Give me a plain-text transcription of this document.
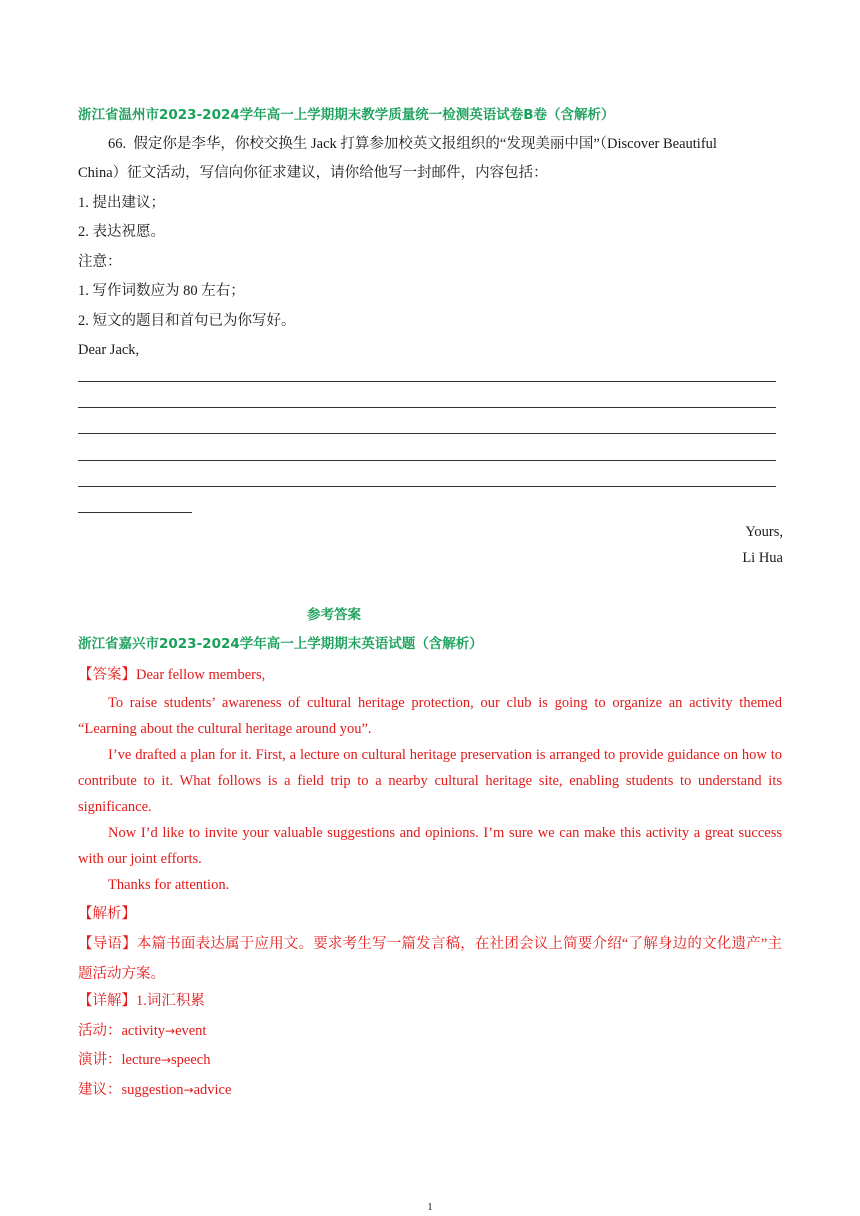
浙江省温州市2023-2024学年高一上学期期末教学质量统一检测英语试卷B卷（含解析）
66. 假定你是李华，你校交换生 Jack 打算参加校英文报组织的“发现美丽中国”（Discover Beautiful
China）征文活动，写信向你征求建议，请你给他写一封邮件，内容包括：
1. 提出建议；
2. 表达祝愿。
注意：
1. 写作词数应为 80 左右；
2. 短文的题目和首句已为你写好。
Dear Jack,
Yours,
Li Hua
参考答案
浙江省嘉兴市2023-2024学年高一上学期期末英语试题（含解析）
【答案】Dear fellow members,
To raise students’ awareness of cultural heritage protection, our club is going to organize an activity themed “Learning about the cultural heritage around you”.
I’ve drafted a plan for it. First, a lecture on cultural heritage preservation is arranged to provide guidance on how to contribute to it. What follows is a field trip to a nearby cultural heritage site, enabling students to understand its significance.
Now I’d like to invite your valuable suggestions and opinions. I’m sure we can make this activity a great success with our joint efforts.
Thanks for attention.
【解析】
【导语】本篇书面表达属于应用文。要求考生写一篇发言稿，在社团会议上简要介绍“了解身边的文化遗产”主题活动方案。
【详解】1.词汇积累
活动：activity→event
演讲：lecture→speech
建议：suggestion→advice
1
